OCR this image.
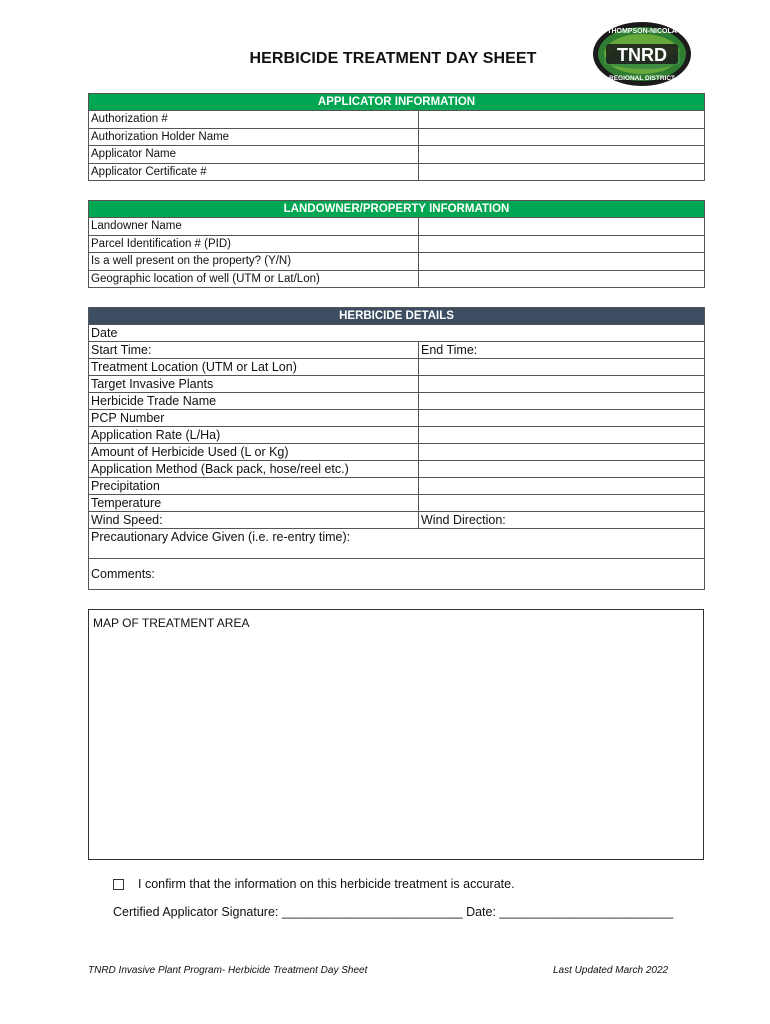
HERBICIDE TREATMENT DAY SHEET	TNRD
THOMPSON-NICOLA
REGIONAL DISTRICT
APPLICATOR INFORMATION	
Authorization #	
Authorization Holder Name	
Applicator Name	
Applicator Certificate #	
LANDOWNER/PROPERTY INFORMATION	
Landowner Name	
Parcel Identification # (PID)	
Is a well present on the property? (Y/N)	
Geographic location of well (UTM or Lat/Lon)	
HERBICIDE DETAILS	
Date	
Start Time:	End Time:
Treatment Location (UTM or Lat Lon)	
Target Invasive Plants	
Herbicide Trade Name	
PCP Number	
Application Rate (L/Ha)	
Amount of Herbicide Used (L or Kg)	
Application Method (Back pack, hose/reel etc.)	
Precipitation	
Temperature	
Wind Speed:	Wind Direction:
Precautionary Advice Given (i.e. re-entry time):	
Comments:	
MAP OF TREATMENT AREA
I confirm that the information on this herbicide treatment is accurate.
Certified Applicator Signature: __________________________ Date: _________________________
TNRD Invasive Plant Program- Herbicide Treatment Day Sheet	Last Updated March 2022
